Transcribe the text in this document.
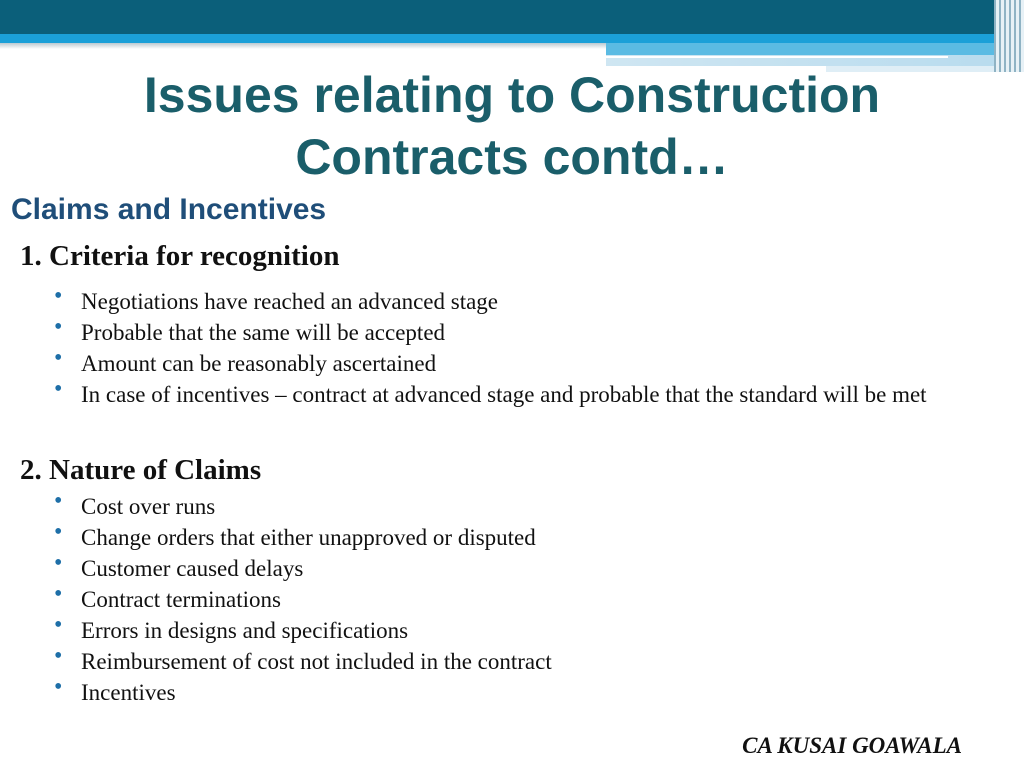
Issues relating to Construction
Contracts contd…
Claims and Incentives
1. Criteria for recognition
• Negotiations have reached an advanced stage
• Probable that the same will be accepted
• Amount can be reasonably ascertained
• In case of incentives – contract at advanced stage and probable that the standard will be met
2. Nature of Claims
• Cost over runs
• Change orders that either unapproved or disputed
• Customer caused delays
• Contract terminations
• Errors in designs and specifications
• Reimbursement of cost not included in the contract
• Incentives
CA KUSAI GOAWALA
